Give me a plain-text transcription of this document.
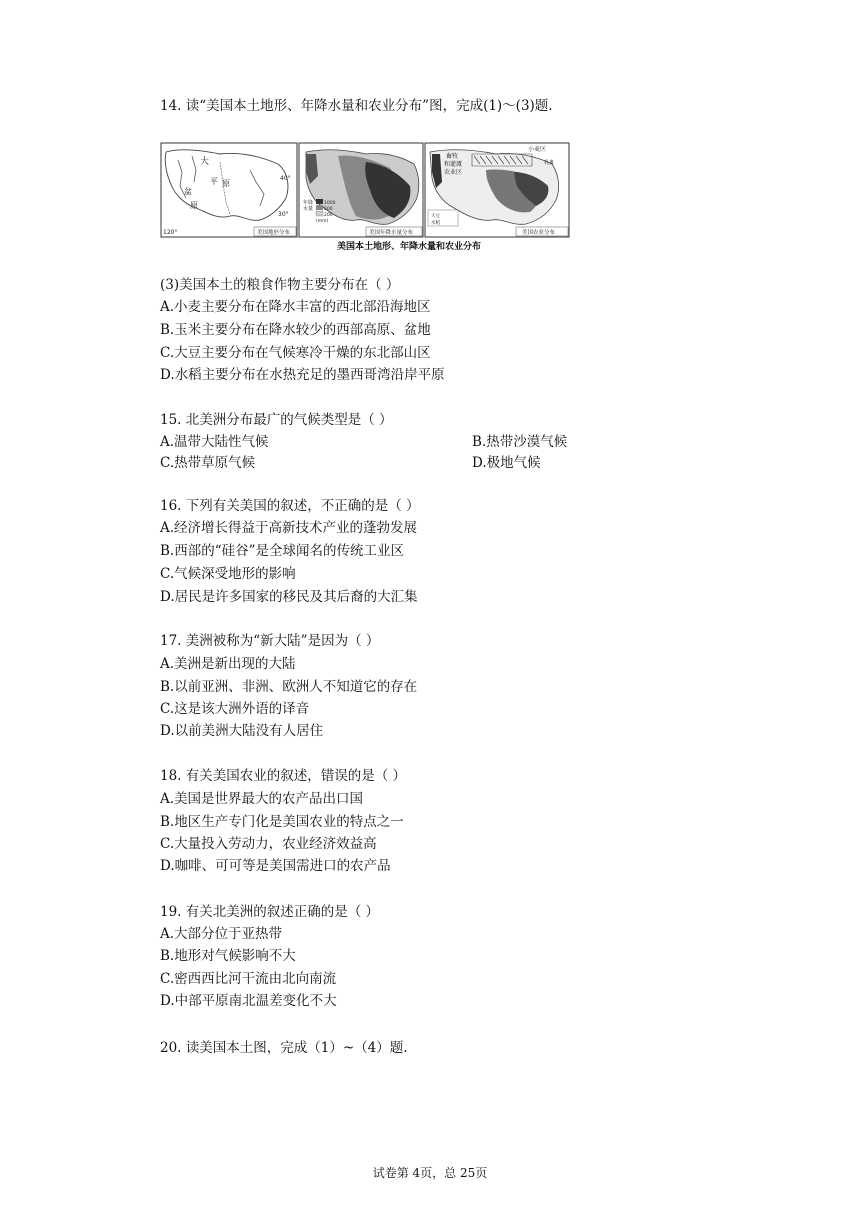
14. 读“美国本土地形、年降水量和农业分布”图，完成(1)～(3)题.
大
平 原
盆
原
40°
30°
120°	美国地形分布
年降
水量
1000
500
200
(mm)
美国年降水量分布
小麦区
畜牧
和灌溉
农业区
乳畜
大豆
水稻
美国农业分布
美国本土地形、年降水量和农业分布
(3)美国本土的粮食作物主要分布在（ ）
A.小麦主要分布在降水丰富的西北部沿海地区
B.玉米主要分布在降水较少的西部高原、盆地
C.大豆主要分布在气候寒冷干燥的东北部山区
D.水稻主要分布在水热充足的墨西哥湾沿岸平原
15. 北美洲分布最广的气候类型是（ ）
A.温带大陆性气候	B.热带沙漠气候
C.热带草原气候	D.极地气候
16. 下列有关美国的叙述，不正确的是（ ）
A.经济增长得益于高新技术产业的蓬勃发展
B.西部的“硅谷”是全球闻名的传统工业区
C.气候深受地形的影响
D.居民是许多国家的移民及其后裔的大汇集
17. 美洲被称为“新大陆”是因为（ ）
A.美洲是新出现的大陆
B.以前亚洲、非洲、欧洲人不知道它的存在
C.这是该大洲外语的译音
D.以前美洲大陆没有人居住
18. 有关美国农业的叙述，错误的是（ ）
A.美国是世界最大的农产品出口国
B.地区生产专门化是美国农业的特点之一
C.大量投入劳动力，农业经济效益高
D.咖啡、可可等是美国需进口的农产品
19. 有关北美洲的叙述正确的是（ ）
A.大部分位于亚热带
B.地形对气候影响不大
C.密西西比河干流由北向南流
D.中部平原南北温差变化不大
20. 读美国本土图，完成（1）~（4）题.
试卷第 4页，总 25页
